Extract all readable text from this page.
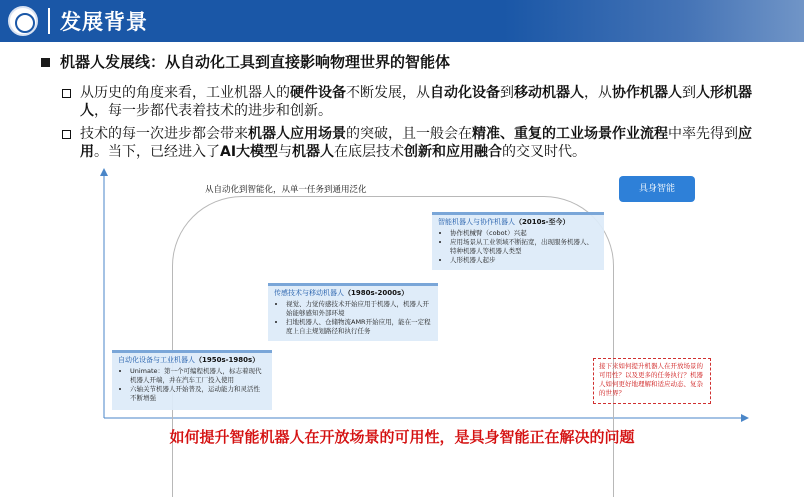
发展背景
机器人发展线：从自动化工具到直接影响物理世界的智能体
从历史的角度来看，工业机器人的硬件设备不断发展，从自动化设备到移动机器人，从协作机器人到人形机器人，每一步都代表着技术的进步和创新。
技术的每一次进步都会带来机器人应用场景的突破，且一般会在精准、重复的工业场景作业流程中率先得到应用。当下，已经进入了AI大模型与机器人在底层技术创新和应用融合的交叉时代。
从自动化到智能化，从单一任务到通用泛化
自动化设备与工业机器人（1950s-1980s）
• Unimate：第一个可编程机器人，标志着现代机器人开端，并在汽车工厂投入使用
• 六轴关节机器人开始普及，运动能力和灵活性不断增强
传感技术与移动机器人（1980s-2000s）
• 视觉、力觉传感技术开始应用于机器人，机器人开始能够感知外部环境
• 扫地机器人、仓储物流AMR开始应用，能在一定程度上自主规划路径和执行任务
智能机器人与协作机器人（2010s-至今）
• 协作机械臂（cobot）兴起
• 应用场景从工业领域不断拓宽，出现服务机器人、特种机器人等机器人类型
• 人形机器人起步
具身智能
接下来如何提升机器人在开放场景的可用性？以及更多的任务执行？机器人如何更好地理解和适应动态、复杂的世界？
如何提升智能机器人在开放场景的可用性，是具身智能正在解决的问题
